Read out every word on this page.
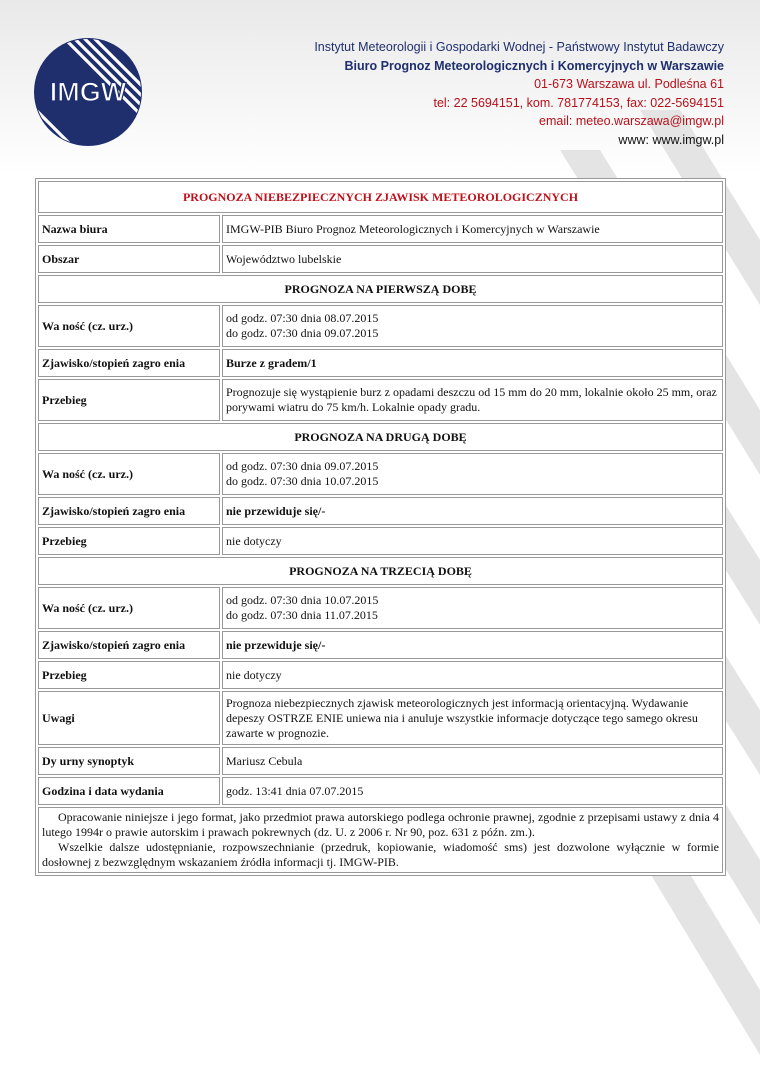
IMGW
Instytut Meteorologii i Gospodarki Wodnej - Państwowy Instytut Badawczy
Biuro Prognoz Meteorologicznych i Komercyjnych w Warszawie
01-673 Warszawa ul. Podleśna 61
tel: 22 5694151, kom. 781774153, fax: 022-5694151
email: meteo.warszawa@imgw.pl
www: www.imgw.pl
PROGNOZA NIEBEZPIECZNYCH ZJAWISK METEOROLOGICZNYCH	
Nazwa biura	IMGW-PIB Biuro Prognoz Meteorologicznych i Komercyjnych w Warszawie
Obszar	Województwo lubelskie
PROGNOZA NA PIERWSZĄ DOBĘ	
Wa ność (cz. urz.)	od godz. 07:30 dnia 08.07.2015
do godz. 07:30 dnia 09.07.2015

Zjawisko/stopień zagro enia	Burze z gradem/1
Przebieg	Prognozuje się wystąpienie burz z opadami deszczu od 15 mm do 20 mm, lokalnie około 25 mm, oraz porywami wiatru do 75 km/h. Lokalnie opady gradu.
PROGNOZA NA DRUGĄ DOBĘ	
Wa ność (cz. urz.)	od godz. 07:30 dnia 09.07.2015
do godz. 07:30 dnia 10.07.2015

Zjawisko/stopień zagro enia	nie przewiduje się/-
Przebieg	nie dotyczy
PROGNOZA NA TRZECIĄ DOBĘ	
Wa ność (cz. urz.)	od godz. 07:30 dnia 10.07.2015
do godz. 07:30 dnia 11.07.2015

Zjawisko/stopień zagro enia	nie przewiduje się/-
Przebieg	nie dotyczy
Uwagi	Prognoza niebezpiecznych zjawisk meteorologicznych jest informacją orientacyjną. Wydawanie depeszy OSTRZE ENIE uniewa nia i anuluje wszystkie informacje dotyczące tego samego okresu zawarte w prognozie.
Dy urny synoptyk	Mariusz Cebula
Godzina i data wydania	godz. 13:41 dnia 07.07.2015

Opracowanie niniejsze i jego format, jako przedmiot prawa autorskiego podlega ochronie prawnej, zgodnie z przepisami ustawy z dnia 4 lutego 1994r o prawie autorskim i prawach pokrewnych (dz. U. z 2006 r. Nr 90, poz. 631 z późn. zm.).

Wszelkie dalsze udostępnianie, rozpowszechnianie (przedruk, kopiowanie, wiadomość sms) jest dozwolone wyłącznie w formie dosłownej z bezwzględnym wskazaniem źródła informacji tj. IMGW-PIB.	
